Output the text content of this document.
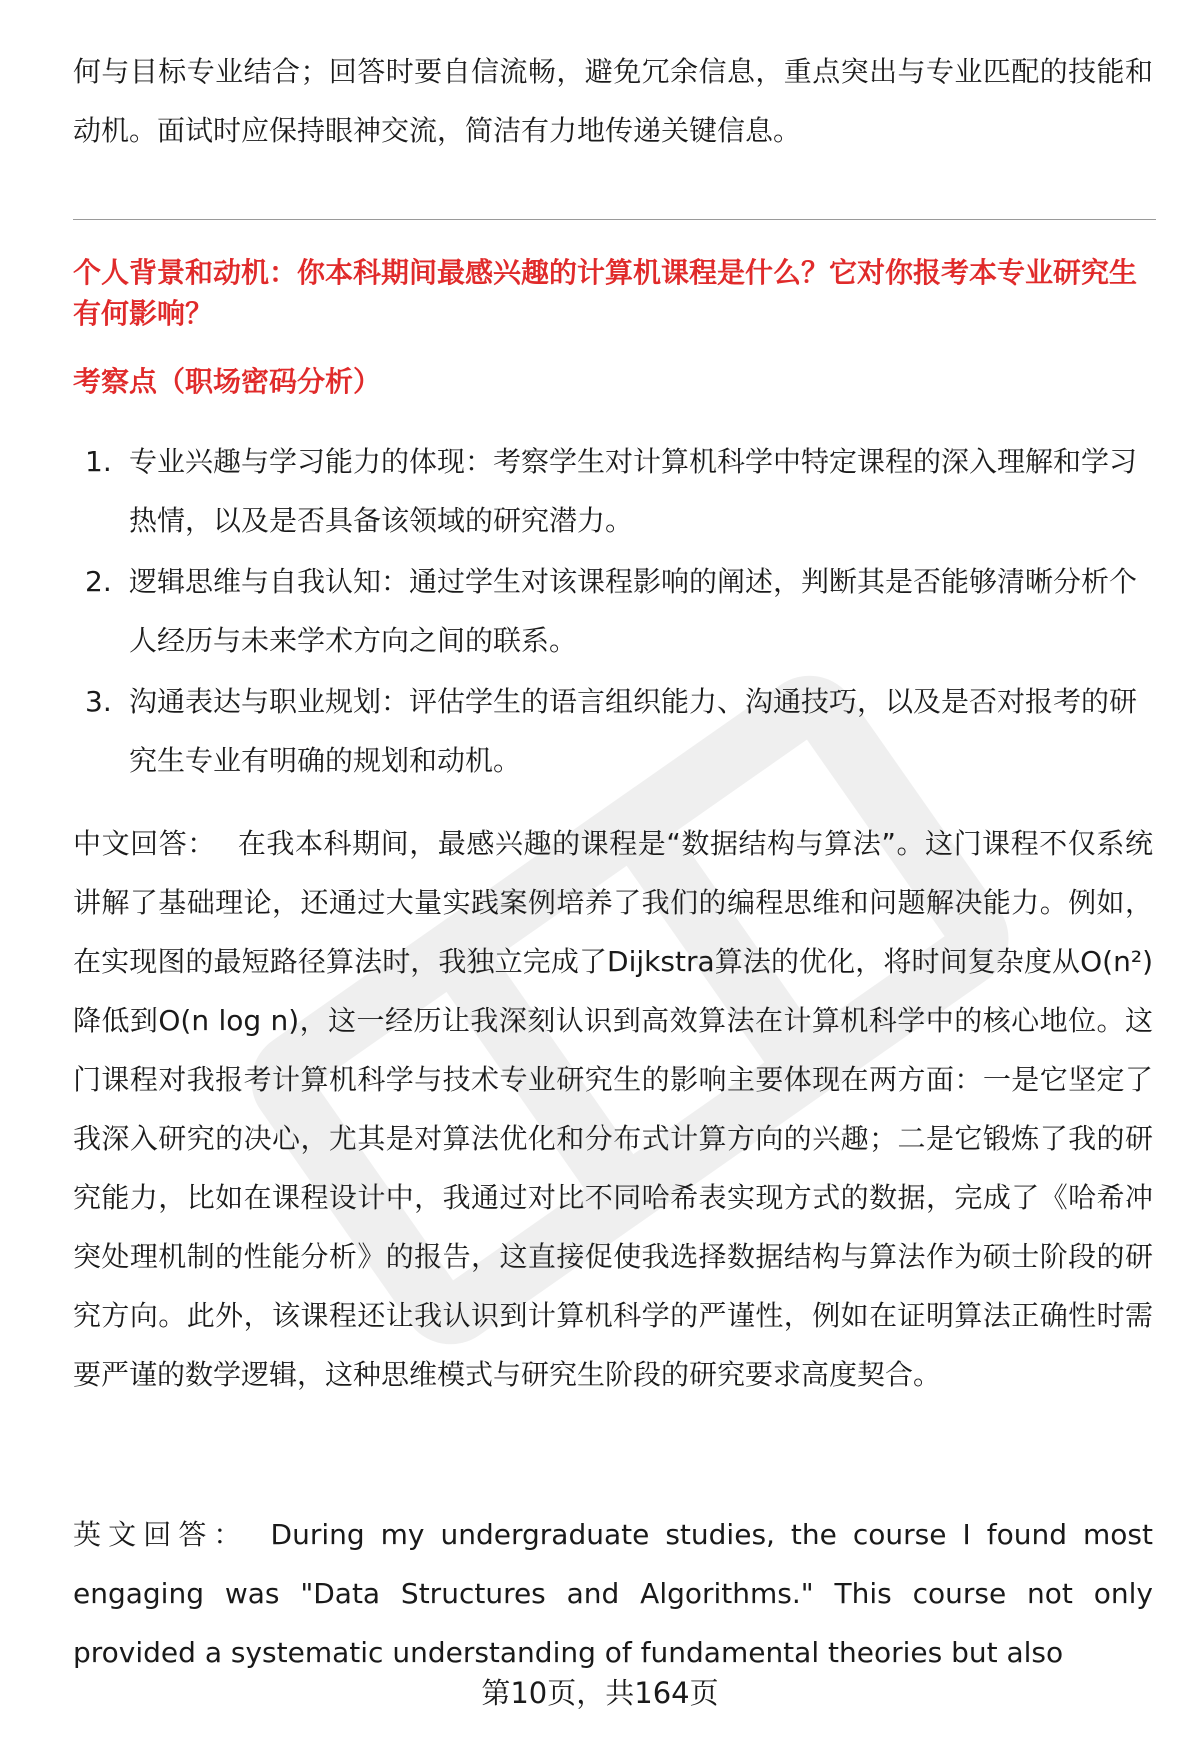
何与目标专业结合；回答时要自信流畅，避免冗余信息，重点突出与专业匹配的技能和动机。面试时应保持眼神交流，简洁有力地传递关键信息。

个人背景和动机：你本科期间最感兴趣的计算机课程是什么？它对你报考本专业研究生有何影响？
考察点（职场密码分析）
1. 专业兴趣与学习能力的体现：考察学生对计算机科学中特定课程的深入理解和学习热情，以及是否具备该领域的研究潜力。
2. 逻辑思维与自我认知：通过学生对该课程影响的阐述，判断其是否能够清晰分析个人经历与未来学术方向之间的联系。
3. 沟通表达与职业规划：评估学生的语言组织能力、沟通技巧，以及是否对报考的研究生专业有明确的规划和动机。

中文回答： 在我本科期间，最感兴趣的课程是“数据结构与算法”。这门课程不仅系统讲解了基础理论，还通过大量实践案例培养了我们的编程思维和问题解决能力。例如，在实现图的最短路径算法时，我独立完成了Dijkstra算法的优化，将时间复杂度从O(n²)降低到O(n log n)，这一经历让我深刻认识到高效算法在计算机科学中的核心地位。这门课程对我报考计算机科学与技术专业研究生的影响主要体现在两方面：一是它坚定了我深入研究的决心，尤其是对算法优化和分布式计算方向的兴趣；二是它锻炼了我的研究能力，比如在课程设计中，我通过对比不同哈希表实现方式的数据，完成了《哈希冲突处理机制的性能分析》的报告，这直接促使我选择数据结构与算法作为硕士阶段的研究方向。此外，该课程还让我认识到计算机科学的严谨性，例如在证明算法正确性时需要严谨的数学逻辑，这种思维模式与研究生阶段的研究要求高度契合。

英文回答： During my undergraduate studies, the course I found most engaging was "Data Structures and Algorithms." This course not only provided a systematic understanding of fundamental theories but also

第10页，共164页
